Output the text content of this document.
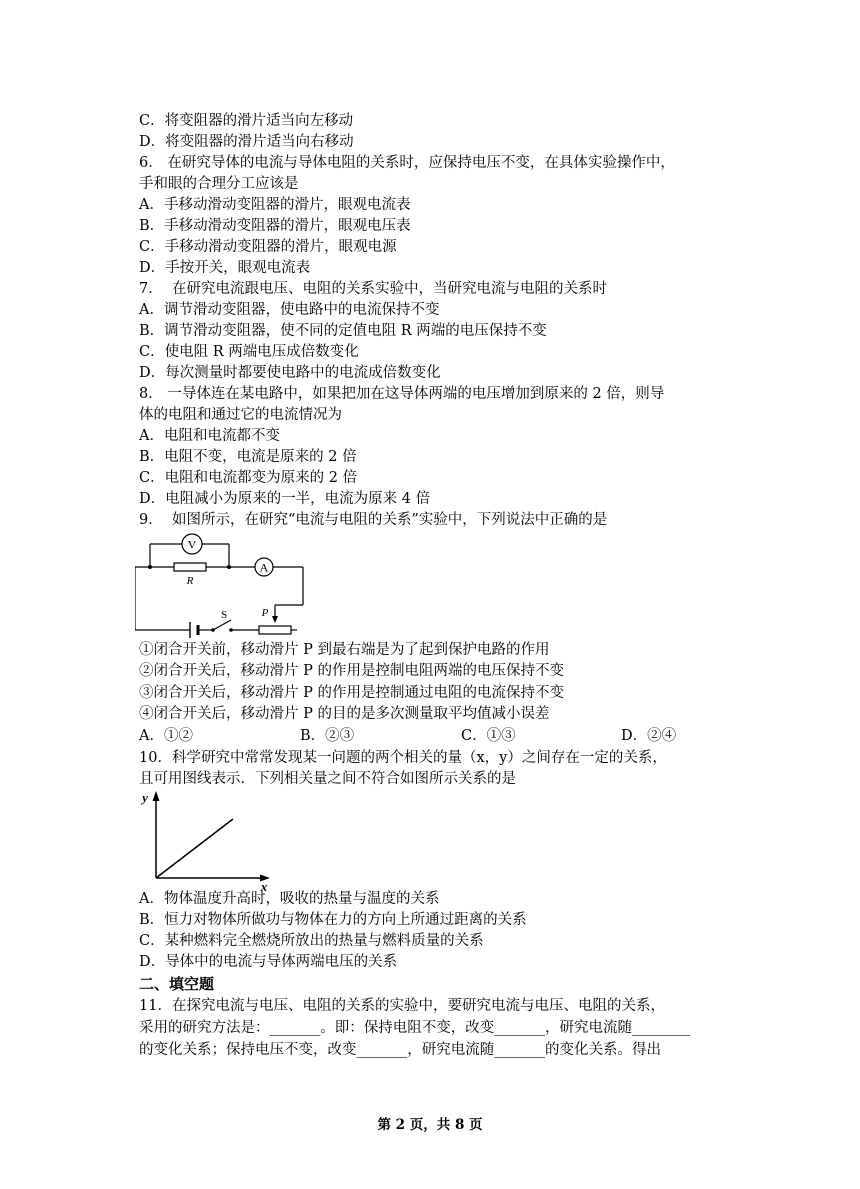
C．将变阻器的滑片适当向左移动
D．将变阻器的滑片适当向右移动
6． 在研究导体的电流与导体电阻的关系时，应保持电压不变，在具体实验操作中，
手和眼的合理分工应该是
A．手移动滑动变阻器的滑片，眼观电流表
B．手移动滑动变阻器的滑片，眼观电压表
C．手移动滑动变阻器的滑片，眼观电源
D．手按开关，眼观电流表
7．  在研究电流跟电压、电阻的关系实验中，当研究电流与电阻的关系时
A．调节滑动变阻器，使电路中的电流保持不变
B．调节滑动变阻器，使不同的定值电阻 R 两端的电压保持不变
C．使电阻 R 两端电压成倍数变化
D．每次测量时都要使电路中的电流成倍数变化
8． 一导体连在某电路中，如果把加在这导体两端的电压增加到原来的 2 倍，则导
体的电阻和通过它的电流情况为
A．电阻和电流都不变
B．电阻不变，电流是原来的 2 倍
C．电阻和电流都变为原来的 2 倍
D．电阻减小为原来的一半，电流为原来 4 倍
9．  如图所示，在研究“电流与电阻的关系”实验中，下列说法中正确的是
V
A
R
S	P
①闭合开关前，移动滑片 P 到最右端是为了起到保护电路的作用
②闭合开关后，移动滑片 P 的作用是控制电阻两端的电压保持不变
③闭合开关后，移动滑片 P 的作用是控制通过电阻的电流保持不变
④闭合开关后，移动滑片 P 的目的是多次测量取平均值减小误差
A．①②	B．②③	C．①③	D．②④
10．科学研究中常常发现某一问题的两个相关的量（x，y）之间存在一定的关系，
且可用图线表示．下列相关量之间不符合如图所示关系的是
y
x
A．物体温度升高时，吸收的热量与温度的关系
B．恒力对物体所做功与物体在力的方向上所通过距离的关系
C．某种燃料完全燃烧所放出的热量与燃料质量的关系
D．导体中的电流与导体两端电压的关系
二、填空题
11．在探究电流与电压、电阻的关系的实验中，要研究电流与电压、电阻的关系，
采用的研究方法是：_______。即：保持电阻不变，改变_______，研究电流随________
的变化关系；保持电压不变，改变_______，研究电流随_______的变化关系。得出
第 2 页，共 8 页
